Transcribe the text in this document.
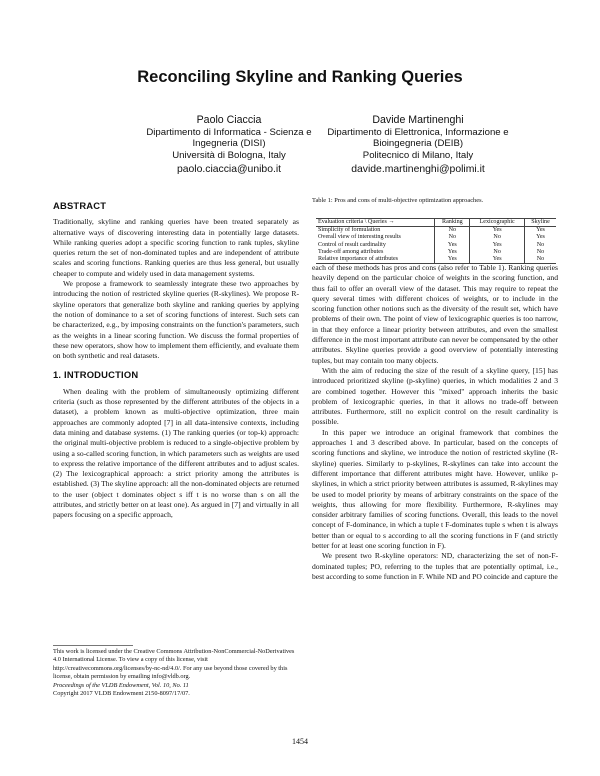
Reconciling Skyline and Ranking Queries
Paolo Ciaccia
Dipartimento di Informatica - Scienza e
Ingegneria (DISI)
Università di Bologna, Italy
paolo.ciaccia@unibo.it
Davide Martinenghi
Dipartimento di Elettronica, Informazione e
Bioingegneria (DEIB)
Politecnico di Milano, Italy
davide.martinenghi@polimi.it
ABSTRACT

Traditionally, skyline and ranking queries have been treated separately as alternative ways of discovering interesting data in potentially large datasets. While ranking queries adopt a specific scoring function to rank tuples, skyline queries return the set of non-dominated tuples and are independent of attribute scales and scoring functions. Ranking queries are thus less general, but usually cheaper to compute and widely used in data management systems.

We propose a framework to seamlessly integrate these two approaches by introducing the notion of restricted skyline queries (R-skylines). We propose R-skyline operators that generalize both skyline and ranking queries by applying the notion of dominance to a set of scoring functions of interest. Such sets can be characterized, e.g., by imposing constraints on the function's parameters, such as the weights in a linear scoring function. We discuss the formal properties of these new operators, show how to implement them efficiently, and evaluate them on both synthetic and real datasets.

1. INTRODUCTION

When dealing with the problem of simultaneously optimizing different criteria (such as those represented by the different attributes of the objects in a dataset), a problem known as multi-objective optimization, three main approaches are commonly adopted [7] in all data-intensive contexts, including data mining and database systems. (1) The ranking queries (or top-k) approach: the original multi-objective problem is reduced to a single-objective problem by using a so-called scoring function, in which parameters such as weights are used to express the relative importance of the different attributes and to adjust scales. (2) The lexicographical approach: a strict priority among the attributes is established. (3) The skyline approach: all the non-dominated objects are returned to the user (object t dominates object s iff t is no worse than s on all the attributes, and strictly better on at least one). As argued in [7] and virtually in all papers focusing on a specific approach,

Table 1: Pros and cons of multi-objective optimization approaches.
Evaluation criteria \ Queries →	Ranking	Lexicographic	Skyline
Simplicity of formulation	No	Yes	Yes
Overall view of interesting results	No	No	Yes
Control of result cardinality	Yes	Yes	No
Trade-off among attributes	Yes	No	No
Relative importance of attributes	Yes	Yes	No

each of these methods has pros and cons (also refer to Table 1). Ranking queries heavily depend on the particular choice of weights in the scoring function, and thus fail to offer an overall view of the dataset. This may require to repeat the query several times with different choices of weights, or to include in the scoring function other notions such as the diversity of the result set, which have problems of their own. The point of view of lexicographic queries is too narrow, in that they enforce a linear priority between attributes, and even the smallest difference in the most important attribute can never be compensated by the other attributes. Skyline queries provide a good overview of potentially interesting tuples, but may contain too many objects.

With the aim of reducing the size of the result of a skyline query, [15] has introduced prioritized skyline (p-skyline) queries, in which modalities 2 and 3 are combined together. However this "mixed" approach inherits the basic problem of lexicographic queries, in that it allows no trade-off between attributes. Furthermore, still no explicit control on the result cardinality is possible.

In this paper we introduce an original framework that combines the approaches 1 and 3 described above. In particular, based on the concepts of scoring functions and skyline, we introduce the notion of restricted skyline (R-skyline) queries. Similarly to p-skylines, R-skylines can take into account the different importance that different attributes might have. However, unlike p-skylines, in which a strict priority between attributes is assumed, R-skylines may be used to model priority by means of arbitrary constraints on the space of the weights, thus allowing for more flexibility. Furthermore, R-skylines may consider arbitrary families of scoring functions. Overall, this leads to the novel concept of F-dominance, in which a tuple t F-dominates tuple s when t is always better than or equal to s according to all the scoring functions in F (and strictly better for at least one scoring function in F).

We present two R-skyline operators: ND, characterizing the set of non-F-dominated tuples; PO, referring to the tuples that are potentially optimal, i.e., best according to some function in F. While ND and PO coincide and capture the

This work is licensed under the Creative Commons Attribution-NonCommercial-NoDerivatives 4.0 International License. To view a copy of this license, visit http://creativecommons.org/licenses/by-nc-nd/4.0/. For any use beyond those covered by this license, obtain permission by emailing info@vldb.org.
Proceedings of the VLDB Endowment, Vol. 10, No. 11
Copyright 2017 VLDB Endowment 2150-8097/17/07.
1454
